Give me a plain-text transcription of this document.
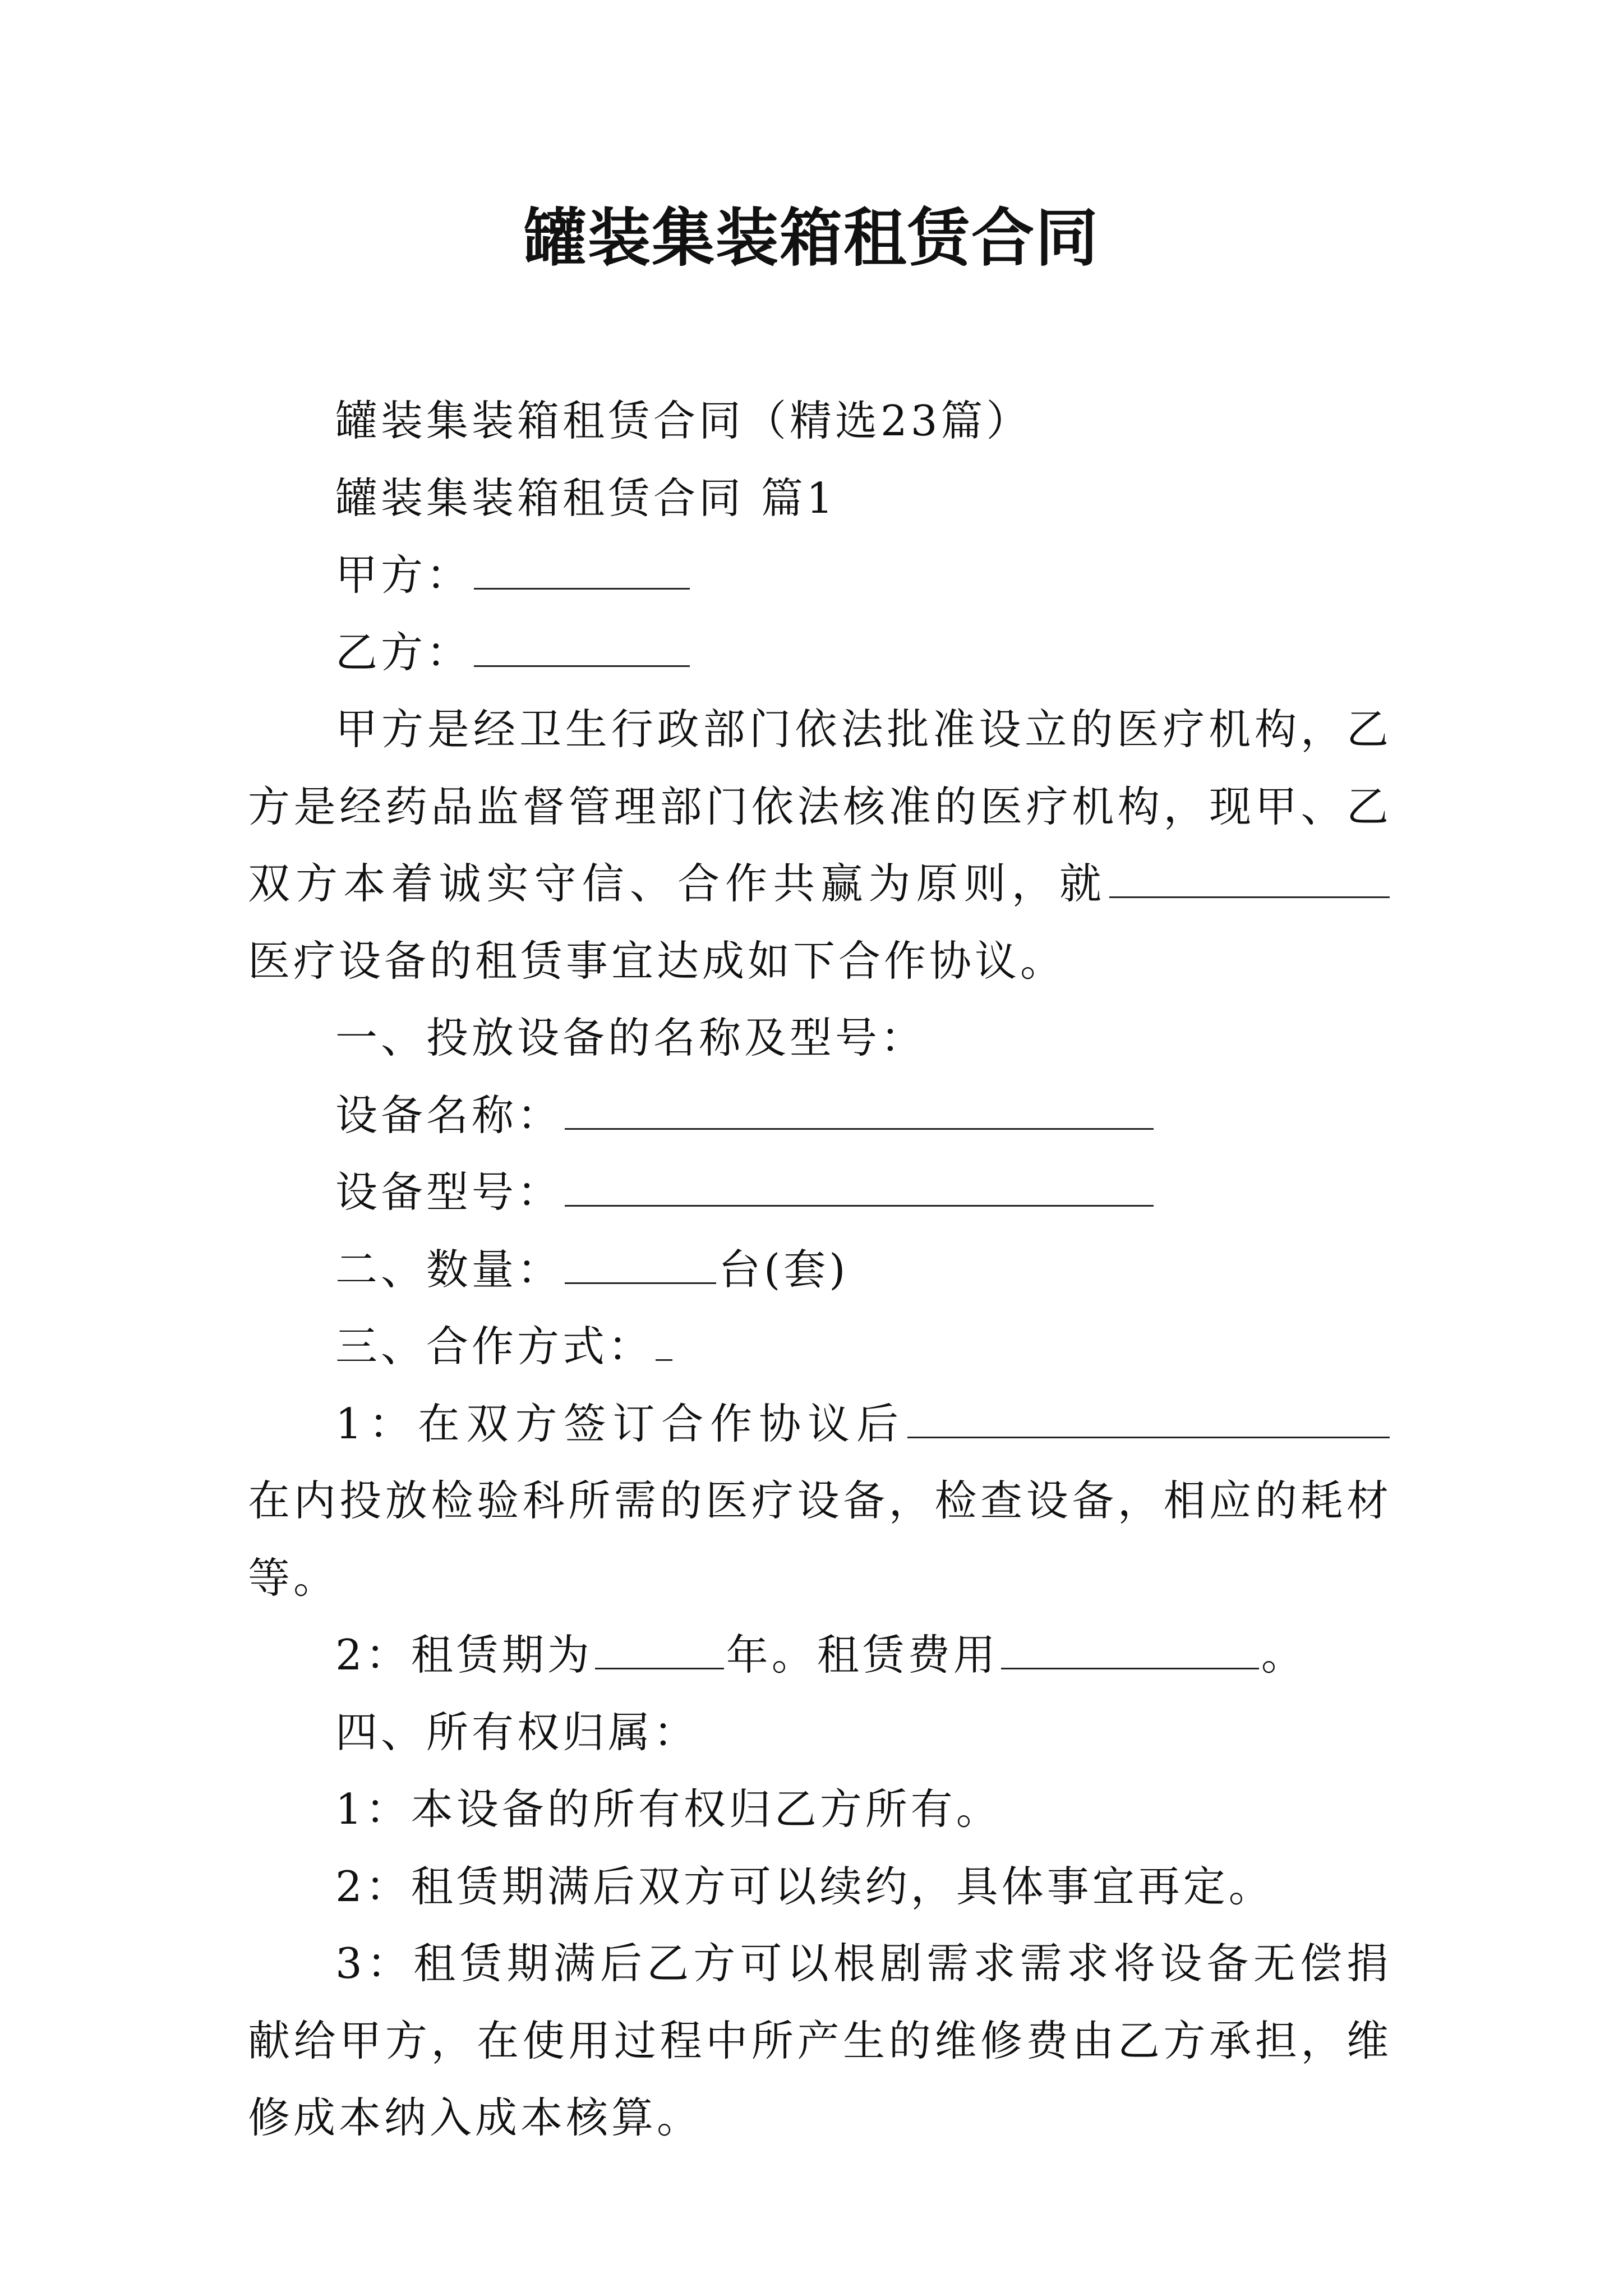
罐装集装箱租赁合同

罐装集装箱租赁合同（精选23篇）

罐装集装箱租赁合同 篇1

甲方：

乙方：

甲方是经卫生行政部门依法批准设立的医疗机构，乙方是经药品监督管理部门依法核准的医疗机构，现甲、乙双方本着诚实守信、合作共赢为原则，就医疗设备的租赁事宜达成如下合作协议。

一、投放设备的名称及型号：

设备名称：

设备型号：

二、数量：	台(套)

三、合作方式：

1：在双方签订合作协议后在内投放检验科所需的医疗设备，检查设备，相应的耗材等。

2：租赁期为	年。租赁费用	。

四、所有权归属：

1：本设备的所有权归乙方所有。

2：租赁期满后双方可以续约，具体事宜再定。

3：租赁期满后乙方可以根剧需求需求将设备无偿捐献给甲方，在使用过程中所产生的维修费由乙方承担，维修成本纳入成本核算。
